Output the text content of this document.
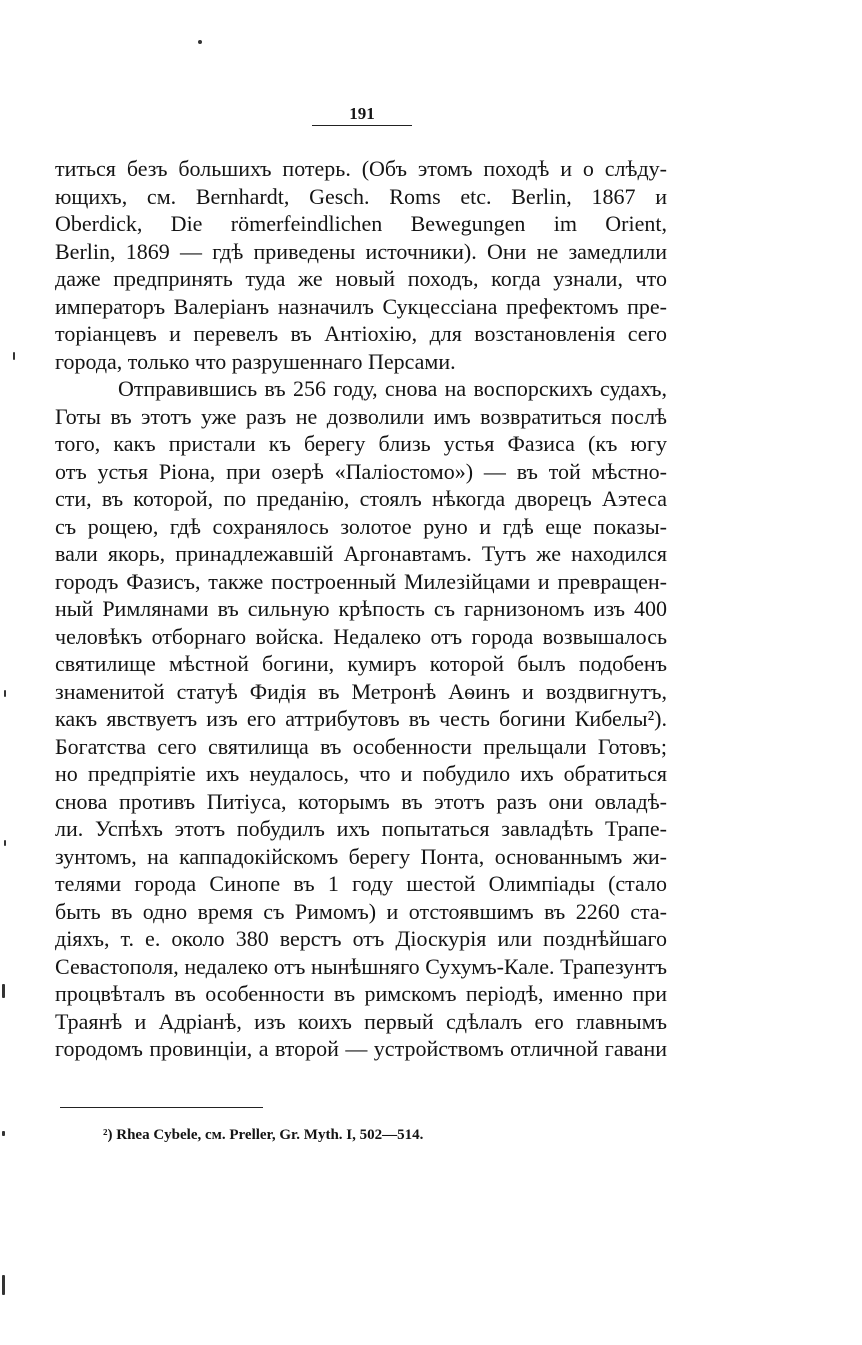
191
титься безъ большихъ потерь. (Объ этомъ походѣ и о слѣду-
ющихъ, см. Bernhardt, Gesch. Roms etc. Berlin, 1867 и
Oberdick, Die römerfeindlichen Bewegungen im Orient,
Berlin, 1869 — гдѣ приведены источники). Они не замедлили
даже предпринять туда же новый походъ, когда узнали, что
императоръ Валеріанъ назначилъ Сукцессіана префектомъ пре-
торіанцевъ и перевелъ въ Антіохію, для возстановленія сего
города, только что разрушеннаго Персами.
Отправившись въ 256 году, снова на воспорскихъ судахъ,
Готы въ этотъ уже разъ не дозволили имъ возвратиться послѣ
того, какъ пристали къ берегу близь устья Фазиса (къ югу
отъ устья Ріона, при озерѣ «Паліостомо») — въ той мѣстно-
сти, въ которой, по преданію, стоялъ нѣкогда дворецъ Аэтеса
съ рощею, гдѣ сохранялось золотое руно и гдѣ еще показы-
вали якорь, принадлежавшій Аргонавтамъ. Тутъ же находился
городъ Фазисъ, также построенный Милезійцами и превращен-
ный Римлянами въ сильную крѣпость съ гарнизономъ изъ 400
человѣкъ отборнаго войска. Недалеко отъ города возвышалось
святилище мѣстной богини, кумиръ которой былъ подобенъ
знаменитой статуѣ Фидія въ Метронѣ Аѳинъ и воздвигнутъ,
какъ явствуетъ изъ его аттрибутовъ въ честь богини Кибелы²).
Богатства сего святилища въ особенности прельщали Готовъ;
но предпріятіе ихъ неудалось, что и побудило ихъ обратиться
снова противъ Питіуса, которымъ въ этотъ разъ они овладѣ-
ли. Успѣхъ этотъ побудилъ ихъ попытаться завладѣть Трапе-
зунтомъ, на каппадокійскомъ берегу Понта, основаннымъ жи-
телями города Синопе въ 1 году шестой Олимпіады (стало
быть въ одно время съ Римомъ) и отстоявшимъ въ 2260 ста-
діяхъ, т. е. около 380 верстъ отъ Діоскурія или позднѣйшаго
Севастополя, недалеко отъ нынѣшняго Сухумъ-Кале. Трапезунтъ
процвѣталъ въ особенности въ римскомъ періодѣ, именно при
Траянѣ и Адріанѣ, изъ коихъ первый сдѣлалъ его главнымъ
городомъ провинціи, а второй — устройствомъ отличной гавани
²) Rhea Cybele, см. Preller, Gr. Myth. I, 502—514.
